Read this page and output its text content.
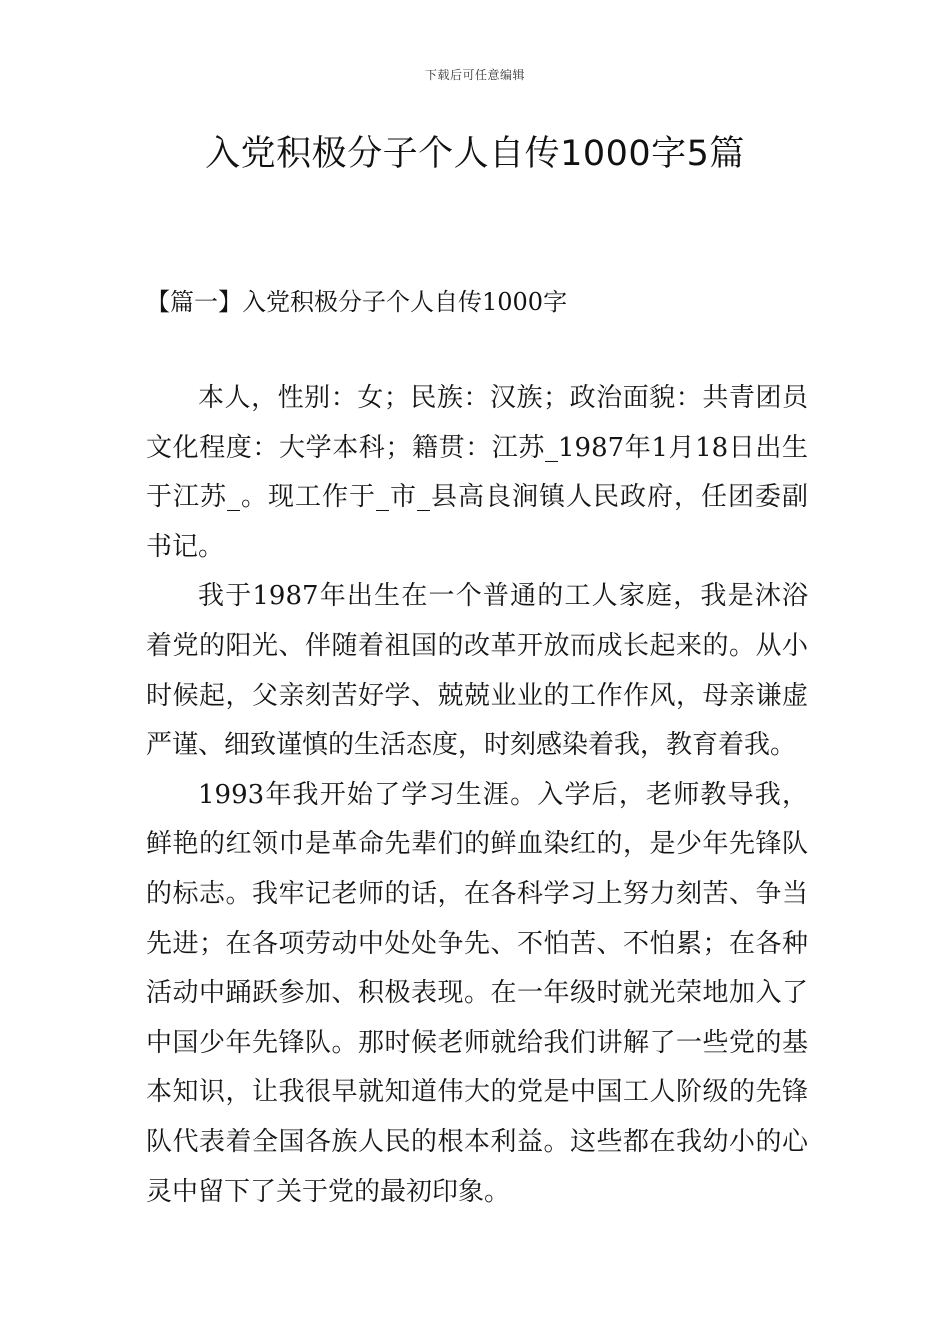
下载后可任意编辑
入党积极分子个人自传1000字5篇
【篇一】入党积极分子个人自传1000字

本人，性别：女；民族：汉族；政治面貌：共青团员文化程度：大学本科；籍贯：江苏_1987年1月18日出生于江苏_。现工作于_市_县高良涧镇人民政府，任团委副书记。

我于1987年出生在一个普通的工人家庭，我是沐浴着党的阳光、伴随着祖国的改革开放而成长起来的。从小时候起，父亲刻苦好学、兢兢业业的工作作风，母亲谦虚严谨、细致谨慎的生活态度，时刻感染着我，教育着我。

1993年我开始了学习生涯。入学后，老师教导我，鲜艳的红领巾是革命先辈们的鲜血染红的，是少年先锋队的标志。我牢记老师的话，在各科学习上努力刻苦、争当先进；在各项劳动中处处争先、不怕苦、不怕累；在各种活动中踊跃参加、积极表现。在一年级时就光荣地加入了中国少年先锋队。那时候老师就给我们讲解了一些党的基本知识，让我很早就知道伟大的党是中国工人阶级的先锋队代表着全国各族人民的根本利益。这些都在我幼小的心灵中留下了关于党的最初印象。
